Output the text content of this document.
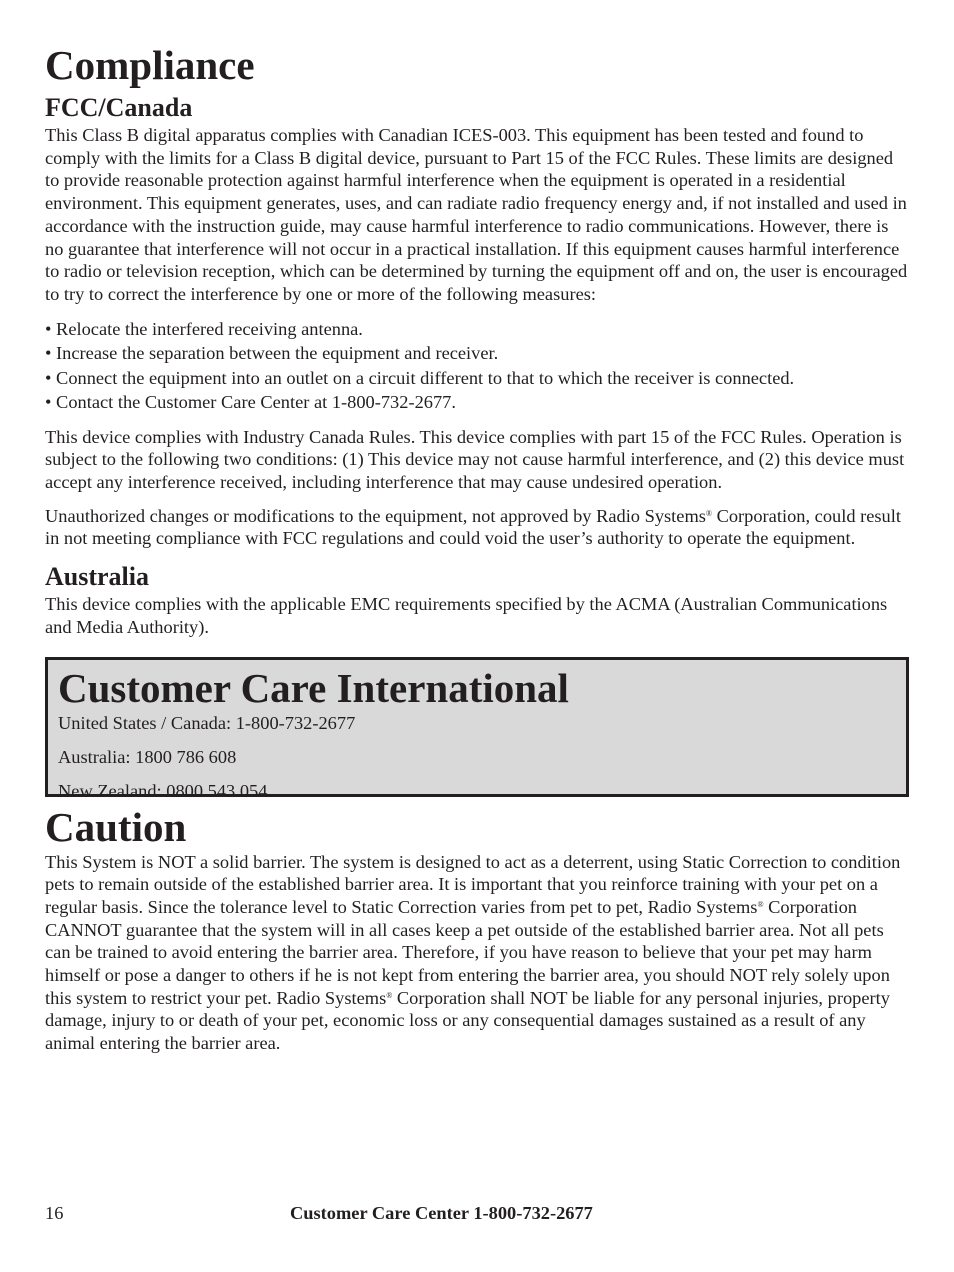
Compliance
FCC/Canada

This Class B digital apparatus complies with Canadian ICES-003. This equipment has been tested and found to comply with the limits for a Class B digital device, pursuant to Part 15 of the FCC Rules. These limits are designed to provide reasonable protection against harmful interference when the equipment is operated in a residential environment. This equipment generates, uses, and can radiate radio frequency energy and, if not installed and used in accordance with the instruction guide, may cause harmful interference to radio communications. However, there is no guarantee that interference will not occur in a practical installation. If this equipment causes harmful interference to radio or television reception, which can be determined by turning the equipment off and on, the user is encouraged to try to correct the interference by one or more of the following measures:

• Relocate the interfered receiving antenna.
• Increase the separation between the equipment and receiver.
• Connect the equipment into an outlet on a circuit different to that to which the receiver is connected.
• Contact the Customer Care Center at 1-800-732-2677.

This device complies with Industry Canada Rules. This device complies with part 15 of the FCC Rules. Operation is subject to the following two conditions: (1) This device may not cause harmful interference, and (2) this device must accept any interference received, including interference that may cause undesired operation.

Unauthorized changes or modifications to the equipment, not approved by Radio Systems® Corporation, could result in not meeting compliance with FCC regulations and could void the user’s authority to operate the equipment.

Australia

This device complies with the applicable EMC requirements specified by the ACMA (Australian Communications and Media Authority).

Customer Care International

United States / Canada: 1-800-732-2677

Australia: 1800 786 608

New Zealand: 0800 543 054

Caution

This System is NOT a solid barrier. The system is designed to act as a deterrent, using Static Correction to condition pets to remain outside of the established barrier area. It is important that you reinforce training with your pet on a regular basis. Since the tolerance level to Static Correction varies from pet to pet, Radio Systems® Corporation CANNOT guarantee that the system will in all cases keep a pet outside of the established barrier area. Not all pets can be trained to avoid entering the barrier area. Therefore, if you have reason to believe that your pet may harm himself or pose a danger to others if he is not kept from entering the barrier area, you should NOT rely solely upon this system to restrict your pet. Radio Systems® Corporation shall NOT be liable for any personal injuries, property damage, injury to or death of your pet, economic loss or any consequential damages sustained as a result of any animal entering the barrier area.

16	Customer Care Center 1-800-732-2677
